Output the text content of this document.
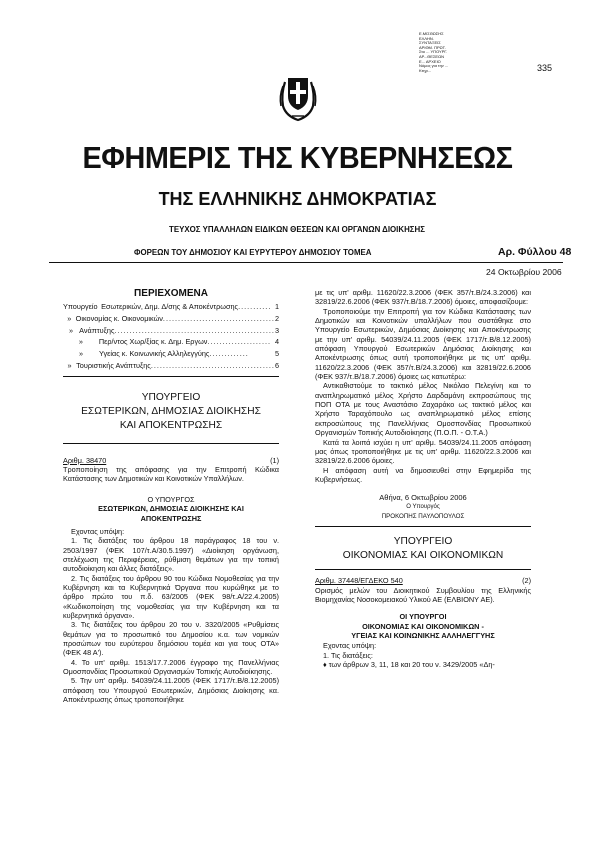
Ε.ΜΙΣΘΩΣΗΣ
ΕΛΛΗΝ.
ΣΥΝΤΑΞΕΙΣ
ΑΡΙΘΜ. ΠΡΩΤ.
Στο ... ΥΠΟΥΡΓ.
ΑΡ...ΘΕΣΕΩΝ
Ε... ΑΡΧΕΙΟ
Νόμος για την ...
Κτηρ...	335
ΕΦΗΜΕΡΙΣ ΤΗΣ ΚΥΒΕΡΝΗΣΕΩΣ
ΤΗΣ ΕΛΛΗΝΙΚΗΣ ΔΗΜΟΚΡΑΤΙΑΣ
ΤΕΥΧΟΣ ΥΠΑΛΛΗΛΩΝ ΕΙΔΙΚΩΝ ΘΕΣΕΩΝ ΚΑΙ ΟΡΓΑΝΩΝ ΔΙΟΙΚΗΣΗΣ
ΦΟΡΕΩΝ ΤΟΥ ΔΗΜΟΣΙΟΥ ΚΑΙ ΕΥΡΥΤΕΡΟΥ ΔΗΜΟΣΙΟΥ ΤΟΜΕΑ	Αρ. Φύλλου 48
24 Οκτωβρίου 2006
ΠΕΡΙΕΧΟΜΕΝΑ
Υπουργείο Εσωτερικών, Δημ. Δ/σης & Αποκέντρωσης ........... 1
» Οικονομίας κ. Οικονομικών ..................................... 2
» Ανάπτυξης ..................................................... 3
»	Περ/ντος Χωρ/ξίας κ. Δημ. Εργων ..................... 4
»	Υγείας κ. Κοινωνικής Αλληλεγγύης .............	5
» Τουριστικής Ανάπτυξης ......................................... 6
ΥΠΟΥΡΓΕΙΟ
ΕΣΩΤΕΡΙΚΩΝ, ΔΗΜΟΣΙΑΣ ΔΙΟΙΚΗΣΗΣ
ΚΑΙ ΑΠΟΚΕΝΤΡΩΣΗΣ
Αριθμ. 38470	(1)

Τροποποίηση της απόφασης για την Επιτροπή Κώδικα Κατάστασης των Δημοτικών και Κοινοτικών Υπαλλήλων.

Ο ΥΠΟΥΡΓΟΣ
ΕΣΩΤΕΡΙΚΩΝ, ΔΗΜΟΣΙΑΣ ΔΙΟΙΚΗΣΗΣ ΚΑΙ
ΑΠΟΚΕΝΤΡΩΣΗΣ

Εχοντας υπόψη:

1. Τις διατάξεις του άρθρου 18 παράγραφος 18 του ν. 2503/1997 (ΦΕΚ 107/τ.Α/30.5.1997) «Διοίκηση οργάνωση, στελέχωση της Περιφέρειας, ρύθμιση θεμάτων για την τοπική αυτοδιοίκηση και άλλες διατάξεις».

2. Τις διατάξεις του άρθρου 90 του Κώδικα Νομοθεσίας για την Κυβέρνηση και τα Κυβερνητικά Όργανα που κυρώθηκε με το άρθρο πρώτο του π.δ. 63/2005 (ΦΕΚ 98/τ.Α/22.4.2005) «Κωδικοποίηση της νομοθεσίας για την Κυβέρνηση και τα κυβερνητικά όργανα».

3. Τις διατάξεις του άρθρου 20 του ν. 3320/2005 «Ρυθμίσεις θεμάτων για το προσωπικό του Δημοσίου κ.α. των νομικών προσώπων του ευρύτερου δημόσιου τομέα και για τους ΟΤΑ» (ΦΕΚ 48 Α').

4. Το υπ' αριθμ. 1513/17.7.2006 έγγραφο της Πανελλήνιας Ομοσπονδίας Προσωπικού Οργανισμών Τοπικής Αυτοδιοίκησης.

5. Την υπ' αριθμ. 54039/24.11.2005 (ΦΕΚ 1717/τ.Β/8.12.2005) απόφαση του Υπουργού Εσωτερικών, Δημόσιας Διοίκησης κα. Αποκέντρωσης όπως τροποποιήθηκε

με τις υπ' αριθμ. 11620/22.3.2006 (ΦΕΚ 357/τ.Β/24.3.2006) και 32819/22.6.2006 (ΦΕΚ 937/τ.Β/18.7.2006) όμοιες, αποφασίζουμε:

Τροποποιούμε την Επιτροπή για τον Κώδικα Κατάστασης των Δημοτικών και Κοινοτικών υπαλλήλων που συστάθηκε στο Υπουργείο Εσωτερικών, Δημόσιας Διοίκησης και Αποκέντρωσης με την υπ' αριθμ. 54039/24.11.2005 (ΦΕΚ 1717/τ.Β/8.12.2005) απόφαση Υπουργού Εσωτερικών Δημόσιας Διοίκησης και Αποκέντρωσης όπως αυτή τροποποιήθηκε με τις υπ' αριθμ. 11620/22.3.2006 (ΦΕΚ 357/τ.Β/24.3.2006) και 32819/22.6.2006 (ΦΕΚ 937/τ.Β/18.7.2006) όμοιες ως κατωτέρω:

Αντικαθιστούμε το τακτικό μέλος Νικόλαο Πελεγίνη και το αναπληρωματικό μέλος Χρήστο Δαρδαμάνη εκπροσώπους της ΠΟΠ ΟΤΑ με τους Αναστάσιο Ζαχαράκο ως τακτικό μέλος και Χρήστο Ταραχόπουλο ως αναπληρωματικό μέλος επίσης εκπροσώπους της Πανελλήνιας Ομοσπονδίας Προσωπικού Οργανισμών Τοπικής Αυτοδιοίκησης (Π.Ο.Π. - Ο.Τ.Α.)

Κατά τα λοιπά ισχύει η υπ' αριθμ. 54039/24.11.2005 απόφαση μας όπως τροποποιήθηκε με τις υπ' αριθμ. 11620/22.3.2006 και 32819/22.6.2006 όμοιες.

Η απόφαση αυτή να δημοσιευθεί στην Εφημερίδα της Κυβερνήσεως.

Αθήνα, 6 Οκτωβρίου 2006
Ο Υπουργός
ΠΡΟΚΟΠΗΣ ΠΑΥΛΟΠΟΥΛΟΣ
ΥΠΟΥΡΓΕΙΟ
ΟΙΚΟΝΟΜΙΑΣ ΚΑΙ ΟΙΚΟΝΟΜΙΚΩΝ
Αριθμ. 37448/ΕΓΔΕΚΟ 540	(2)

Ορισμός μελών του Διοικητικού Συμβουλίου της Ελληνικής Βιομηχανίας Νοσοκομειακού Υλικού ΑΕ (ΕΛΒΙΟΝΥ ΑΕ).

ΟΙ ΥΠΟΥΡΓΟΙ
ΟΙΚΟΝΟΜΙΑΣ ΚΑΙ ΟΙΚΟΝΟΜΙΚΩΝ -
ΥΓΕΙΑΣ ΚΑΙ ΚΟΙΝΩΝΙΚΗΣ ΑΛΛΗΛΕΓΓΥΗΣ

Εχοντας υπόψη:

1. Τις διατάξεις:

♦ των άρθρων 3, 11, 18 και 20 του ν. 3429/2005 «Δη-
